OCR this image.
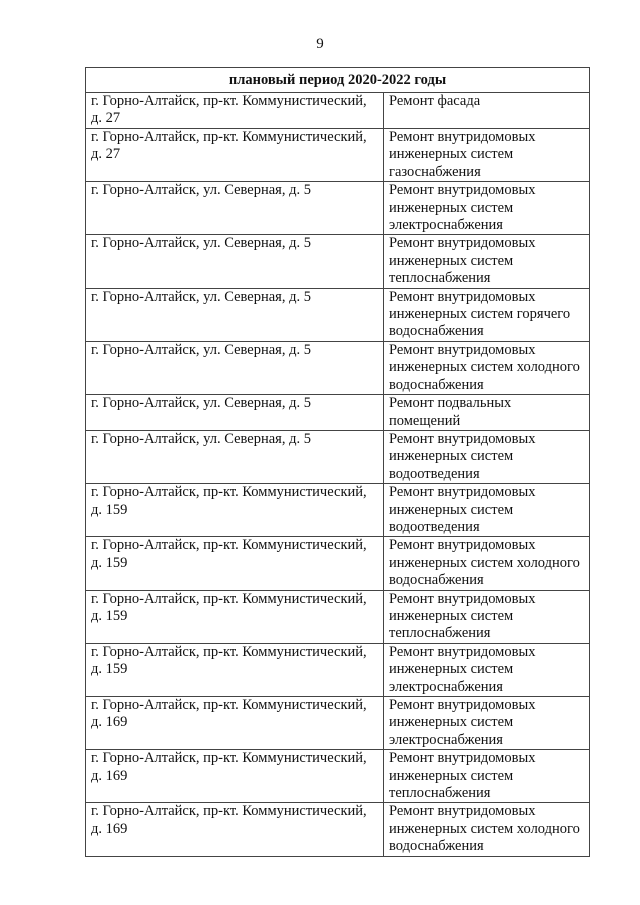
9
плановый период 2020-2022 годы	
г. Горно-Алтайск, пр-кт. Коммунистический, д. 27	Ремонт фасада
г. Горно-Алтайск, пр-кт. Коммунистический, д. 27	Ремонт внутридомовых инженерных систем газоснабжения
г. Горно-Алтайск, ул. Северная, д. 5	Ремонт внутридомовых инженерных систем электроснабжения
г. Горно-Алтайск, ул. Северная, д. 5	Ремонт внутридомовых инженерных систем теплоснабжения
г. Горно-Алтайск, ул. Северная, д. 5	Ремонт внутридомовых инженерных систем горячего водоснабжения
г. Горно-Алтайск, ул. Северная, д. 5	Ремонт внутридомовых инженерных систем холодного водоснабжения
г. Горно-Алтайск, ул. Северная, д. 5	Ремонт подвальных помещений
г. Горно-Алтайск, ул. Северная, д. 5	Ремонт внутридомовых инженерных систем водоотведения
г. Горно-Алтайск, пр-кт. Коммунистический, д. 159	Ремонт внутридомовых инженерных систем водоотведения
г. Горно-Алтайск, пр-кт. Коммунистический, д. 159	Ремонт внутридомовых инженерных систем холодного водоснабжения
г. Горно-Алтайск, пр-кт. Коммунистический, д. 159	Ремонт внутридомовых инженерных систем теплоснабжения
г. Горно-Алтайск, пр-кт. Коммунистический, д. 159	Ремонт внутридомовых инженерных систем электроснабжения
г. Горно-Алтайск, пр-кт. Коммунистический, д. 169	Ремонт внутридомовых инженерных систем электроснабжения
г. Горно-Алтайск, пр-кт. Коммунистический, д. 169	Ремонт внутридомовых инженерных систем теплоснабжения
г. Горно-Алтайск, пр-кт. Коммунистический, д. 169	Ремонт внутридомовых инженерных систем холодного водоснабжения
